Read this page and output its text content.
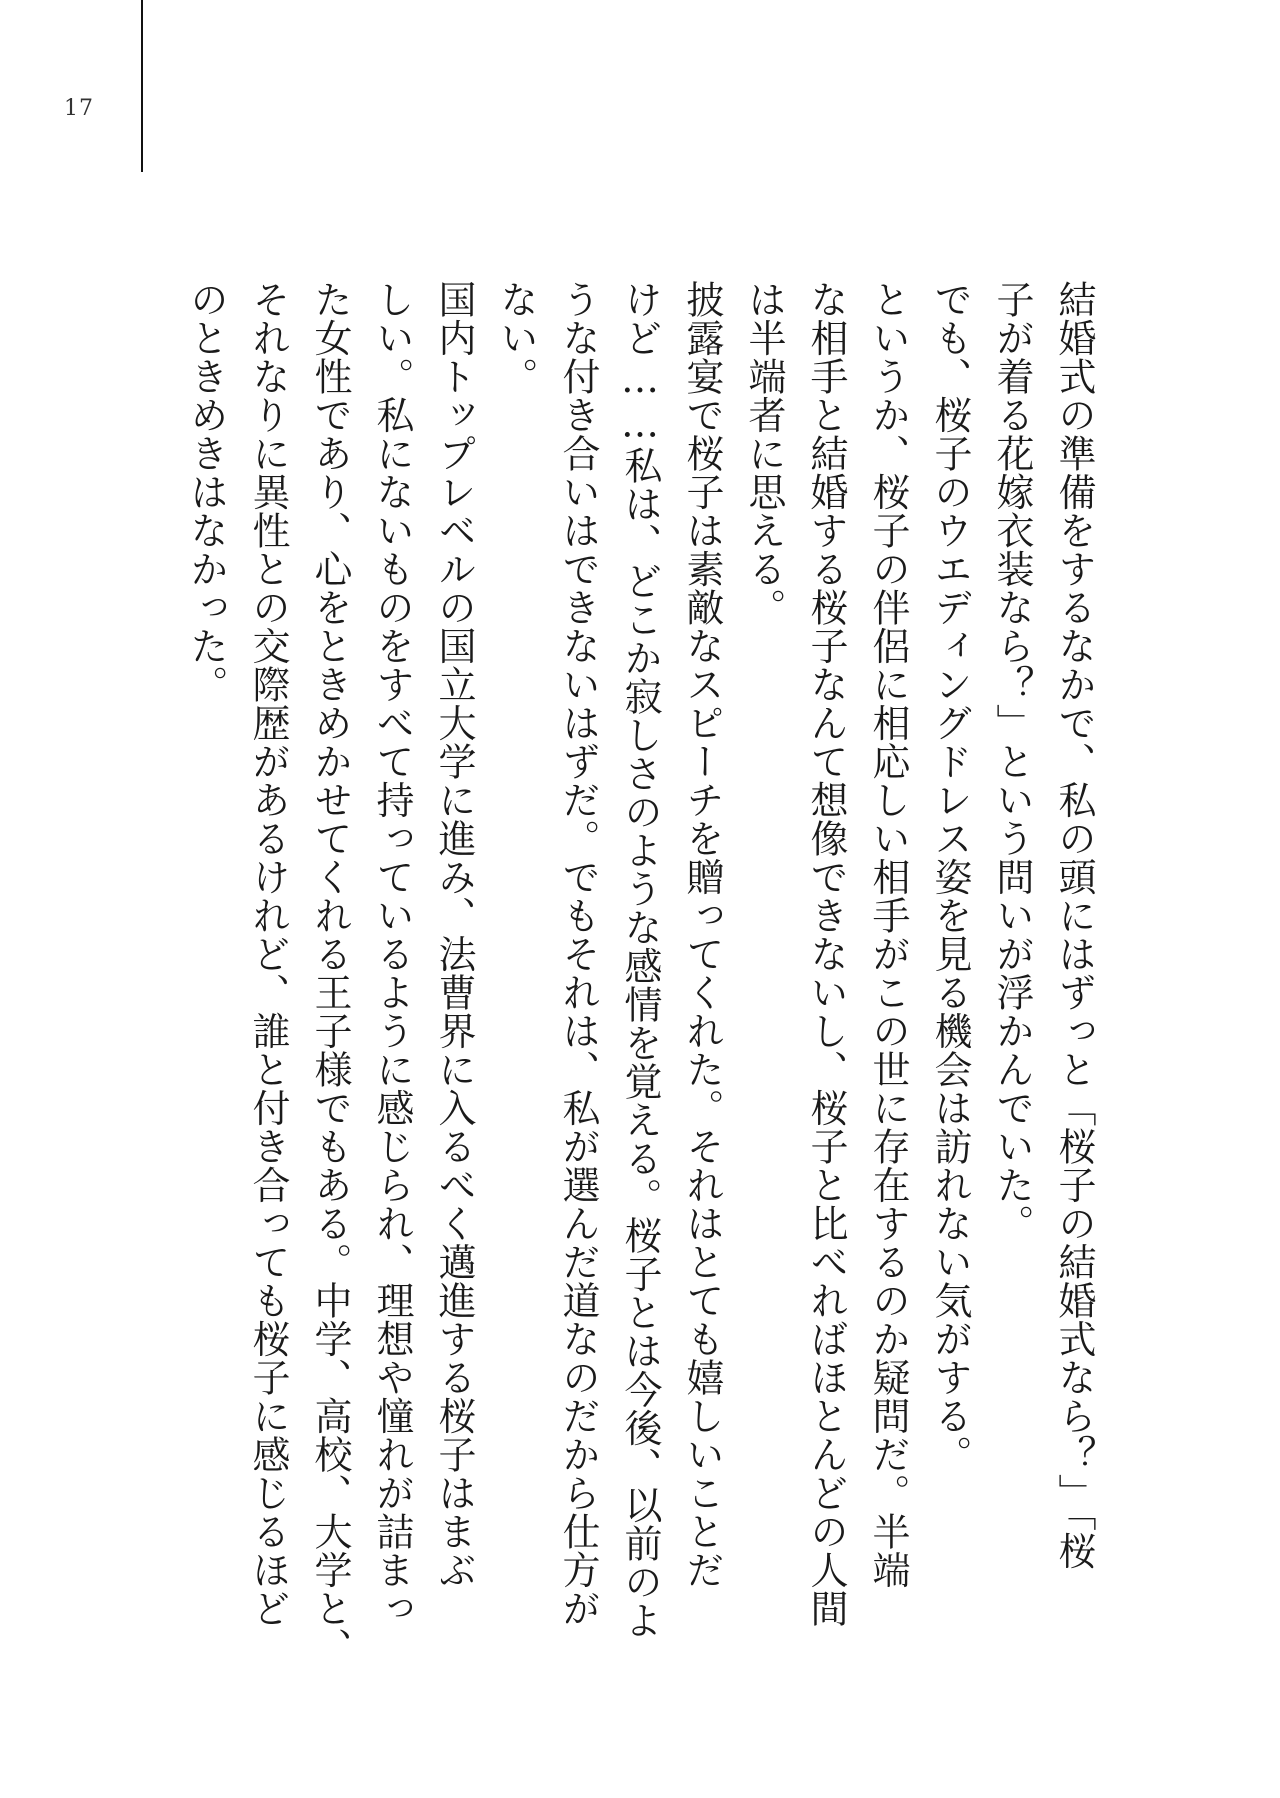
17
結婚式の準備をするなかで、私の頭にはずっと「桜子の結婚式なら？」「桜
子が着る花嫁衣装なら？」という問いが浮かんでいた。
でも、桜子のウエディングドレス姿を見る機会は訪れない気がする。
というか、桜子の伴侶に相応しい相手がこの世に存在するのか疑問だ。半端
な相手と結婚する桜子なんて想像できないし、桜子と比べればほとんどの人間
は半端者に思える。
披露宴で桜子は素敵なスピーチを贈ってくれた。それはとても嬉しいことだ
けど……私は、どこか寂しさのような感情を覚える。桜子とは今後、以前のよ
うな付き合いはできないはずだ。でもそれは、私が選んだ道なのだから仕方が
ない。
国内トップレベルの国立大学に進み、法曹界に入るべく邁進する桜子はまぶ
しい。私にないものをすべて持っているように感じられ、理想や憧れが詰まっ
た女性であり、心をときめかせてくれる王子様でもある。中学、高校、大学と、
それなりに異性との交際歴があるけれど、誰と付き合っても桜子に感じるほど
のときめきはなかった。
